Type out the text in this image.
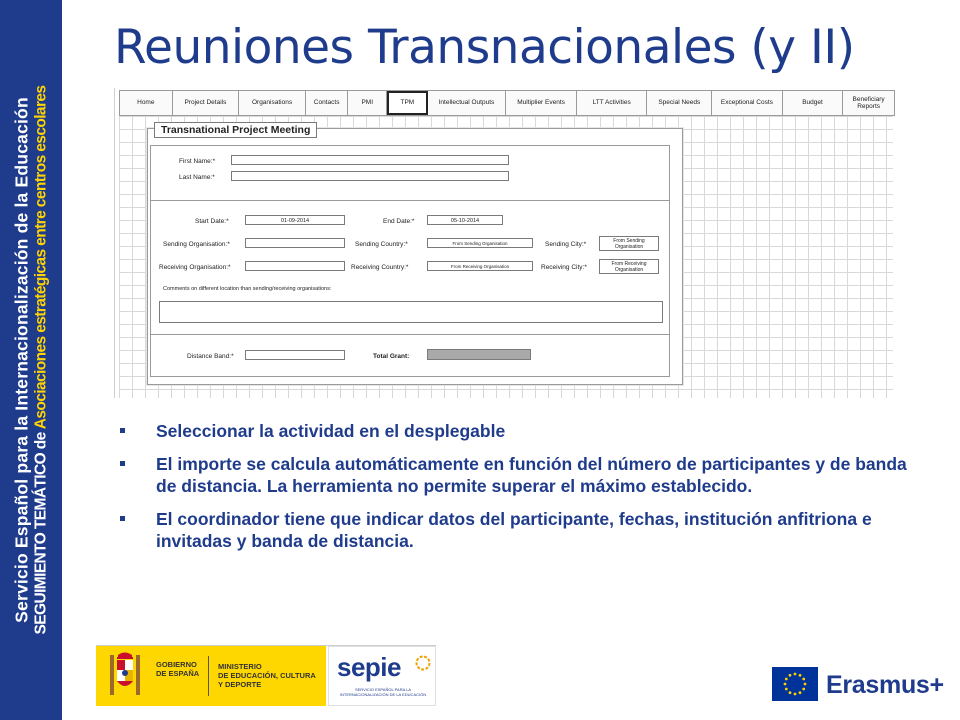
Servicio Español para la Internacionalización de la Educación SEGUIMIENTO TEMÁTICO de Asociaciones estratégicas entre centros escolares
Reuniones Transnacionales (y II)
Home	Project Details	Organisations	Contacts	PMI	TPM	Intellectual Outputs	Multiplier Events	LTT Activities	Special Needs	Exceptional Costs	Budget
Beneficiary Reports
Transnational Project Meeting
First Name:*
Last Name:*
Start Date:*	01-09-2014	End Date:*	05-10-2014
Sending Organisation:*	Sending Country:*	From Sending Organisation	Sending City:*
From Sending Organisation
Receiving Organisation:*	Receiving Country:*	From Receiving Organisation	Receiving City:*
From Receiving Organisation
Comments on different location than sending/receiving organisations:
Distance Band:*	Total Grant:
Seleccionar la actividad en el desplegable
El importe se calcula automáticamente en función del número de participantes y de banda de distancia. La herramienta no permite superar el máximo establecido.
El coordinador tiene que indicar datos del participante, fechas, institución anfitriona e invitadas y banda de distancia.
GOBIERNO
DE ESPAÑA
MINISTERIO
DE EDUCACIÓN, CULTURA
Y DEPORTE
sepie
SERVICIO ESPAÑOL PARA LA INTERNACIONALIZACIÓN DE LA EDUCACIÓN	Erasmus+
